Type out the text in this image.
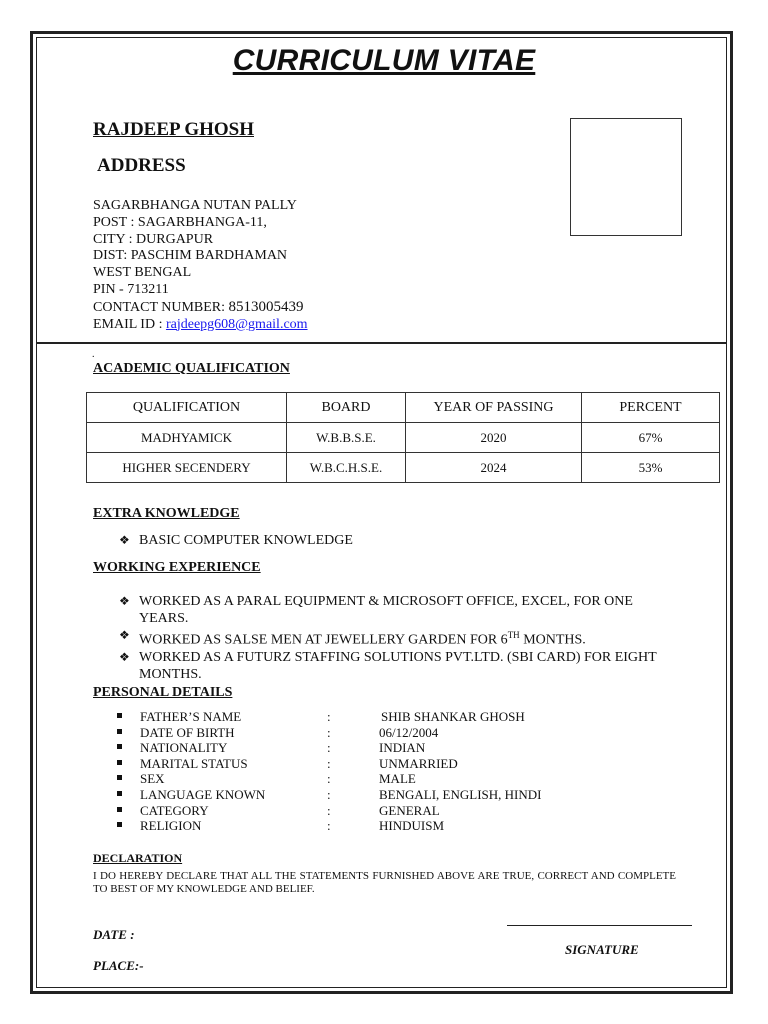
CURRICULUM VITAE
RAJDEEP GHOSH
ADDRESS
SAGARBHANGA NUTAN PALLY
POST : SAGARBHANGA-11,
CITY : DURGAPUR
DIST: PASCHIM BARDHAMAN
WEST BENGAL
PIN - 713211
CONTACT NUMBER: 8513005439
EMAIL ID : rajdeepg608@gmail.com
.
ACADEMIC QUALIFICATION
QUALIFICATION	BOARD	YEAR OF PASSING	PERCENT
MADHYAMICK	W.B.B.S.E.	2020	67%
HIGHER SECENDERY	W.B.C.H.S.E.	2024	53%
EXTRA KNOWLEDGE
❖ BASIC COMPUTER KNOWLEDGE
WORKING EXPERIENCE
❖ WORKED AS A PARAL EQUIPMENT & MICROSOFT OFFICE, EXCEL, FOR ONE YEARS.
❖ WORKED AS SALSE MEN AT JEWELLERY GARDEN FOR 6TH MONTHS.
❖ WORKED AS A FUTURZ STAFFING SOLUTIONS PVT.LTD. (SBI CARD) FOR EIGHT MONTHS.
PERSONAL DETAILS
FATHER’S NAME	:	SHIB SHANKAR GHOSH
DATE OF BIRTH	:	06/12/2004
NATIONALITY	:	INDIAN
MARITAL STATUS	:	UNMARRIED
SEX	:	MALE
LANGUAGE KNOWN	:	BENGALI, ENGLISH, HINDI
CATEGORY	:	GENERAL
RELIGION	:	HINDUISM
DECLARATION
I DO HEREBY DECLARE THAT ALL THE STATEMENTS FURNISHED ABOVE ARE TRUE, CORRECT AND COMPLETE TO BEST OF MY KNOWLEDGE AND BELIEF.
DATE :
PLACE:-
SIGNATURE
